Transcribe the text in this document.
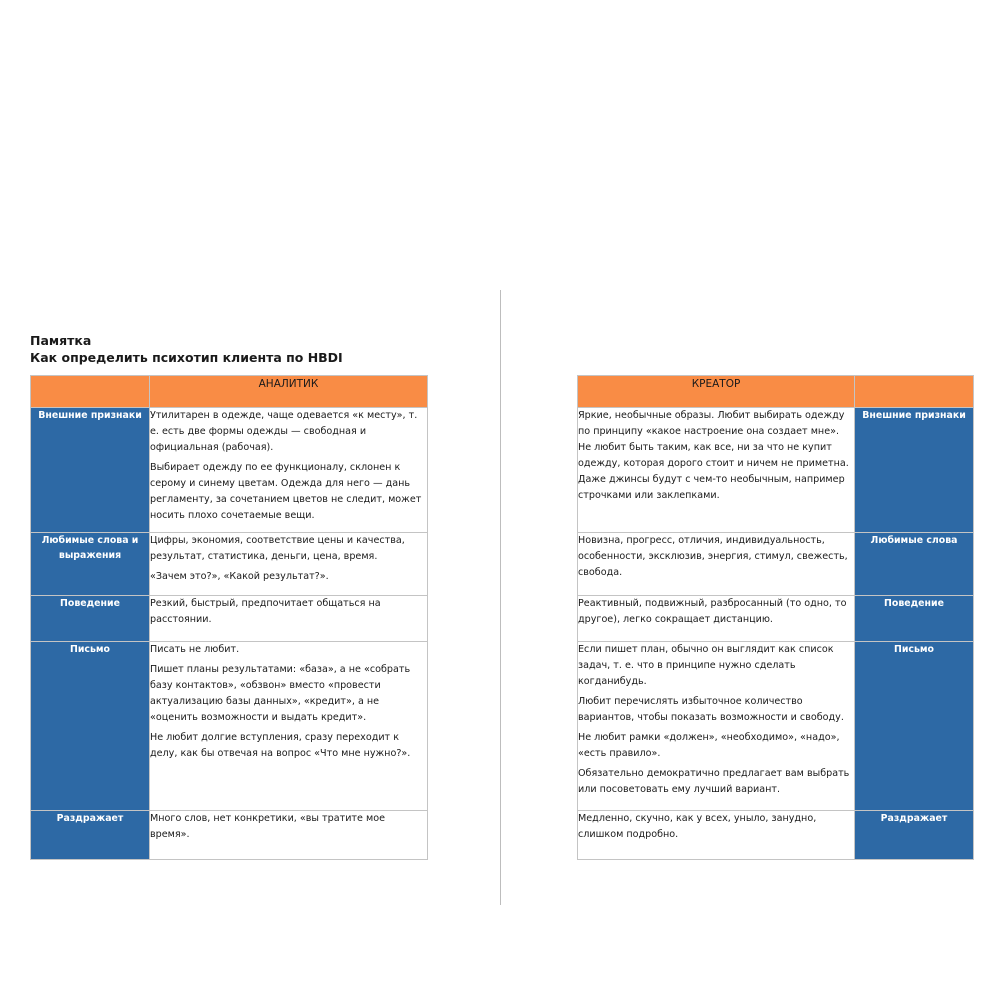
Памятка
Как определить психотип клиента по HBDI
	АНАЛИТИК
Внешние признаки	Утилитарен в одежде, чаще одевается «к месту», т. е. есть две формы одежды — свободная и официальная (рабочая).

Выбирает одежду по ее функционалу, склонен к серому и синему цветам. Одежда для него — дань регламенту, за сочетанием цветов не следит, может носить плохо сочетаемые вещи.

Любимые слова и выражения	Цифры, экономия, соответствие цены и качества, результат, статистика, деньги, цена, время.

«Зачем это?», «Какой результат?».

Поведение	Резкий, быстрый, предпочитает общаться на расстоянии.

Письмо	Писать не любит.

Пишет планы результатами: «база», а не «собрать базу контактов», «обзвон» вместо «провести актуализацию базы данных», «кредит», а не «оценить возможности и выдать кредит».

Не любит долгие вступления, сразу переходит к делу, как бы отвечая на вопрос «Что мне нужно?».

Раздражает	Много слов, нет конкретики, «вы тратите мое время».

КРЕАТОР	

Яркие, необычные образы. Любит выбирать одежду по принципу «какое настроение она создает мне». Не любит быть таким, как все, ни за что не купит одежду, которая дорого стоит и ничем не приметна. Даже джинсы будут с чем-то необычным, например строчками или заклепками.	Внешние признаки

Новизна, прогресс, отличия, индивидуальность, особенности, эксклюзив, энергия, стимул, свежесть, свобода.	Любимые слова

Реактивный, подвижный, разбросанный (то одно, то другое), легко сокращает дистанцию.	Поведение

Если пишет план, обычно он выглядит как список задач, т. е. что в принципе нужно сделать когданибудь.

Любит перечислять избыточное количество вариантов, чтобы показать возможности и свободу.

Не любит рамки «должен», «необходимо», «надо», «есть правило».

Обязательно демократично предлагает вам выбрать или посоветовать ему лучший вариант.	Письмо

Медленно, скучно, как у всех, уныло, занудно, слишком подробно.	Раздражает
